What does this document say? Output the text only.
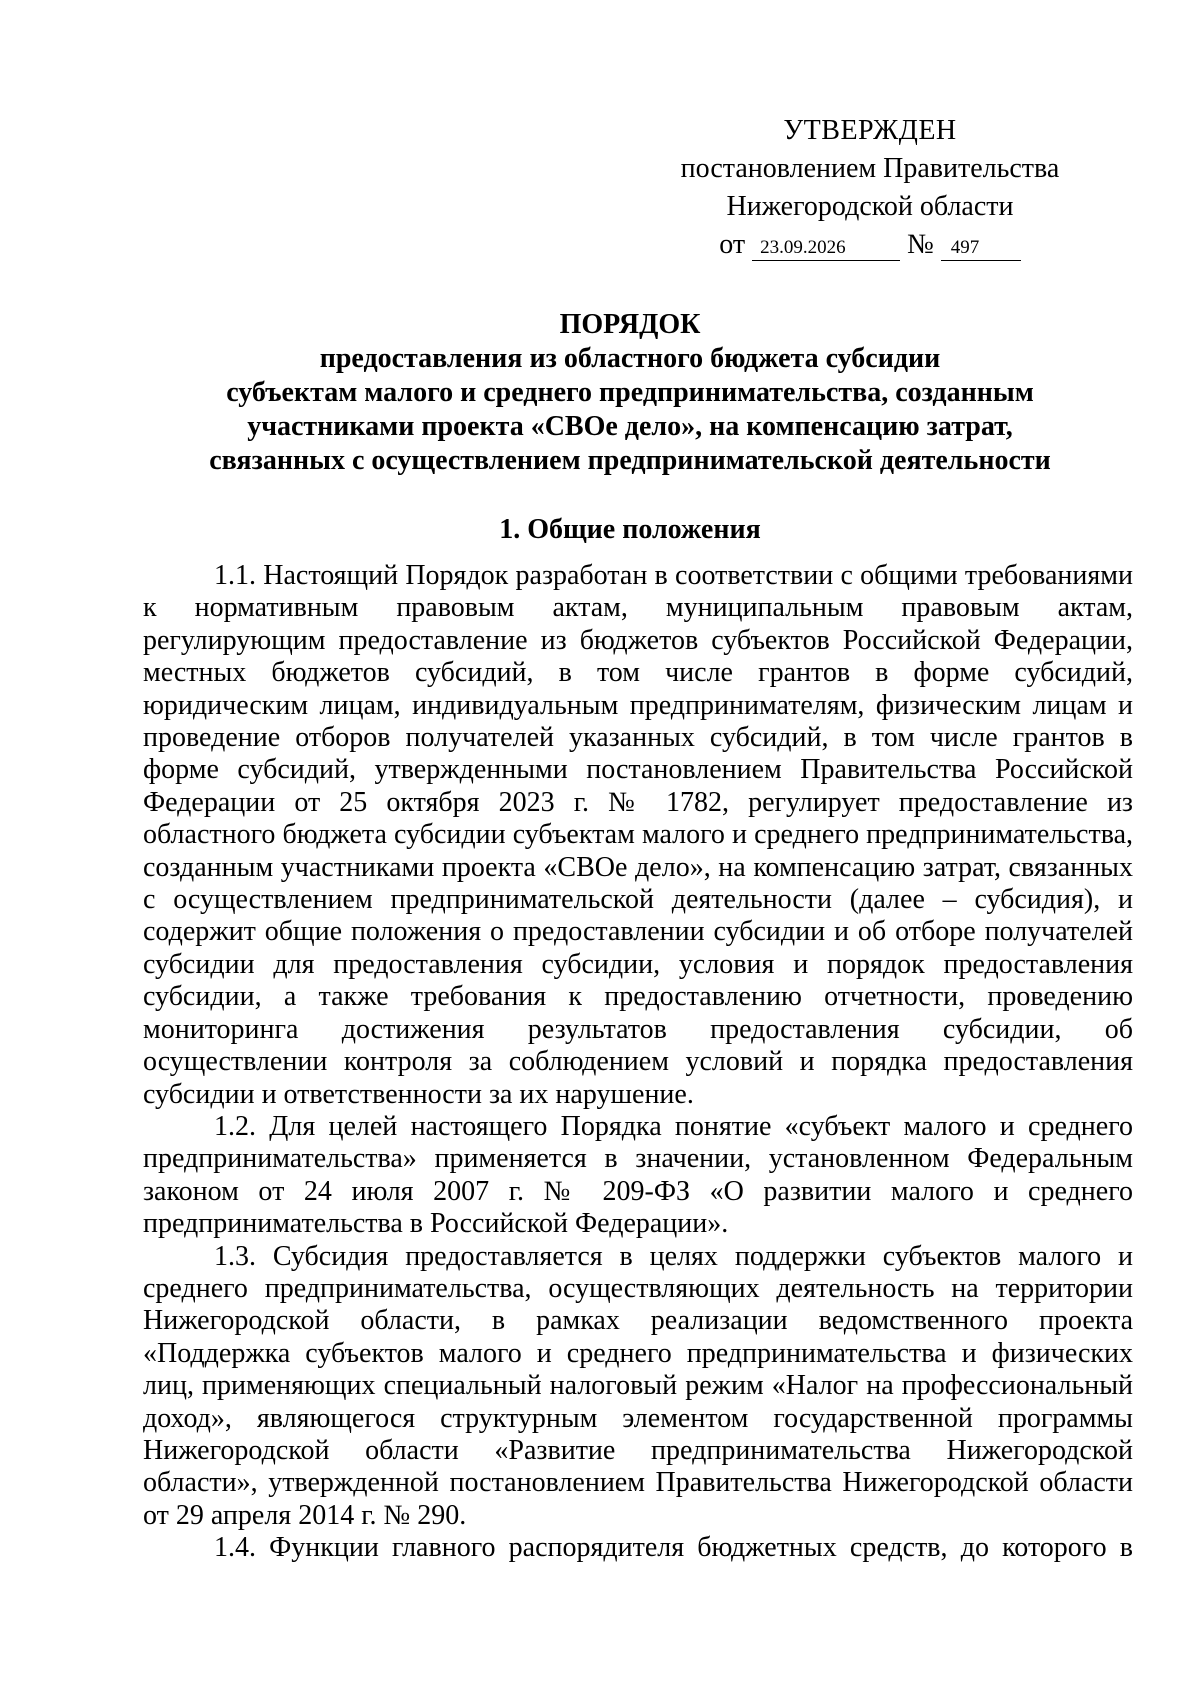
УТВЕРЖДЕН
постановлением Правительства
Нижегородской области
от 23.09.2026 № 497
ПОРЯДОК
предоставления из областного бюджета субсидии
субъектам малого и среднего предпринимательства, созданным
участниками проекта «СВОе дело», на компенсацию затрат,
связанных с осуществлением предпринимательской деятельности
1. Общие положения

1.1. Настоящий Порядок разработан в соответствии с общими требованиями к нормативным правовым актам, муниципальным правовым актам, регулирующим предоставление из бюджетов субъектов Российской Федерации, местных бюджетов субсидий, в том числе грантов в форме субсидий, юридическим лицам, индивидуальным предпринимателям, физическим лицам и проведение отборов получателей указанных субсидий, в том числе грантов в форме субсидий, утвержденными постановлением Правительства Российской Федерации от 25 октября 2023 г. № 1782, регулирует предоставление из областного бюджета субсидии субъектам малого и среднего предпринимательства, созданным участниками проекта «СВОе дело», на компенсацию затрат, связанных с осуществлением предпринимательской деятельности (далее – субсидия), и содержит общие положения о предоставлении субсидии и об отборе получателей субсидии для предоставления субсидии, условия и порядок предоставления субсидии, а также требования к предоставлению отчетности, проведению мониторинга достижения результатов предоставления субсидии, об осуществлении контроля за соблюдением условий и порядка предоставления субсидии и ответственности за их нарушение.

1.2. Для целей настоящего Порядка понятие «субъект малого и среднего предпринимательства» применяется в значении, установленном Федеральным законом от 24 июля 2007 г. № 209-ФЗ «О развитии малого и среднего предпринимательства в Российской Федерации».

1.3. Субсидия предоставляется в целях поддержки субъектов малого и среднего предпринимательства, осуществляющих деятельность на территории Нижегородской области, в рамках реализации ведомственного проекта «Поддержка субъектов малого и среднего предпринимательства и физических лиц, применяющих специальный налоговый режим «Налог на профессиональный доход», являющегося структурным элементом государственной программы Нижегородской области «Развитие предпринимательства Нижегородской области», утвержденной постановлением Правительства Нижегородской области от 29 апреля 2014 г. № 290.

1.4. Функции главного распорядителя бюджетных средств, до которого в
